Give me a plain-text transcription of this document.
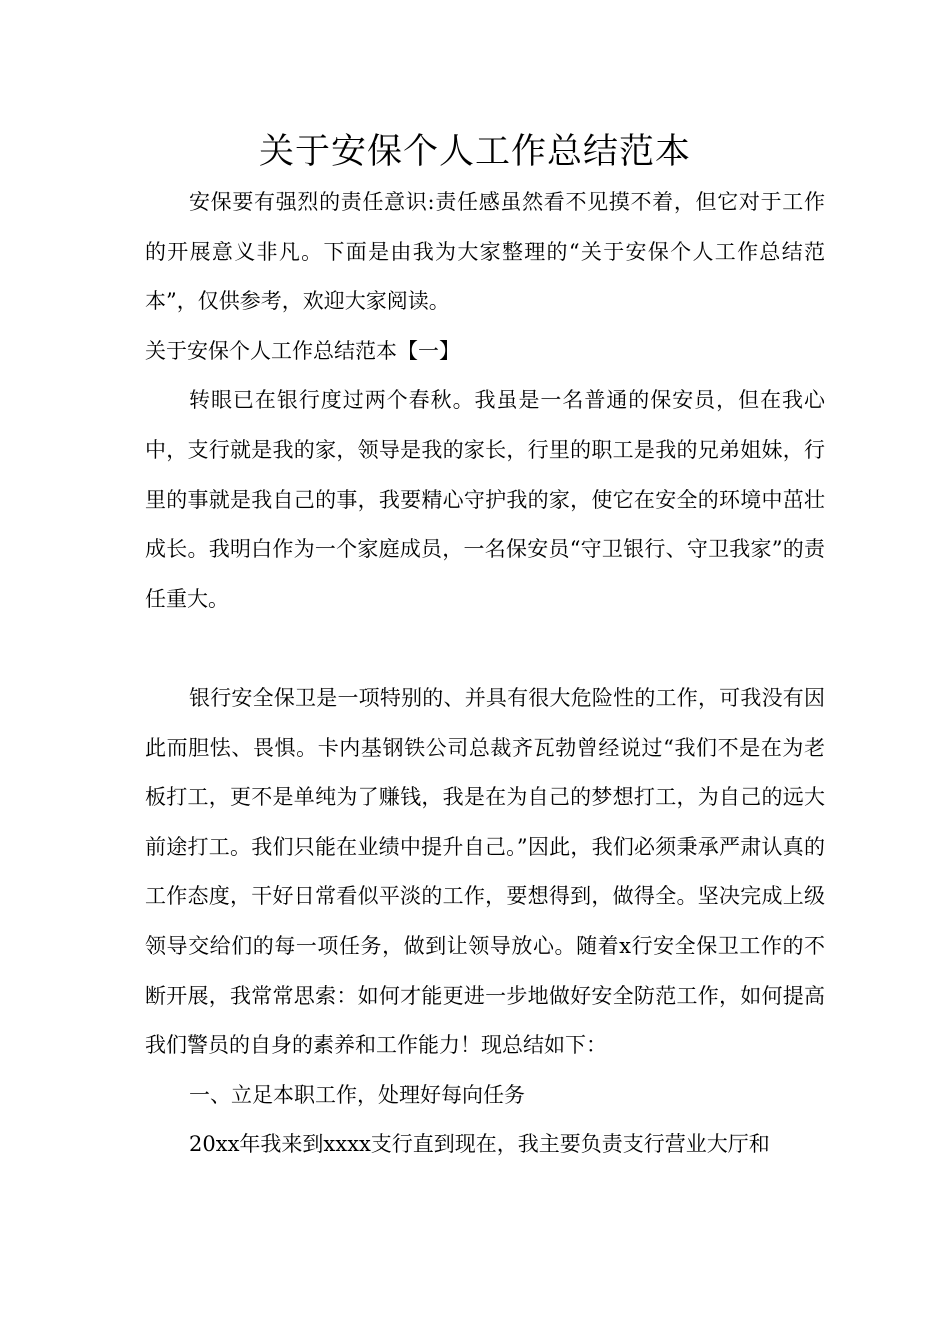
关于安保个人工作总结范本

安保要有强烈的责任意识:责任感虽然看不见摸不着，但它对于工作的开展意义非凡。下面是由我为大家整理的“关于安保个人工作总结范本”，仅供参考，欢迎大家阅读。

关于安保个人工作总结范本【一】

转眼已在银行度过两个春秋。我虽是一名普通的保安员，但在我心中，支行就是我的家，领导是我的家长，行里的职工是我的兄弟姐妹，行里的事就是我自己的事，我要精心守护我的家，使它在安全的环境中茁壮成长。我明白作为一个家庭成员，一名保安员“守卫银行、守卫我家”的责任重大。

银行安全保卫是一项特别的、并具有很大危险性的工作，可我没有因此而胆怯、畏惧。卡内基钢铁公司总裁齐瓦勃曾经说过“我们不是在为老板打工，更不是单纯为了赚钱，我是在为自己的梦想打工，为自己的远大前途打工。我们只能在业绩中提升自己。”因此，我们必须秉承严肃认真的工作态度，干好日常看似平淡的工作，要想得到，做得全。坚决完成上级领导交给们的每一项任务，做到让领导放心。随着x行安全保卫工作的不断开展，我常常思索：如何才能更进一步地做好安全防范工作，如何提高我们警员的自身的素养和工作能力！现总结如下：

一、立足本职工作，处理好每向任务

20xx年我来到xxxx支行直到现在，我主要负责支行营业大厅和
